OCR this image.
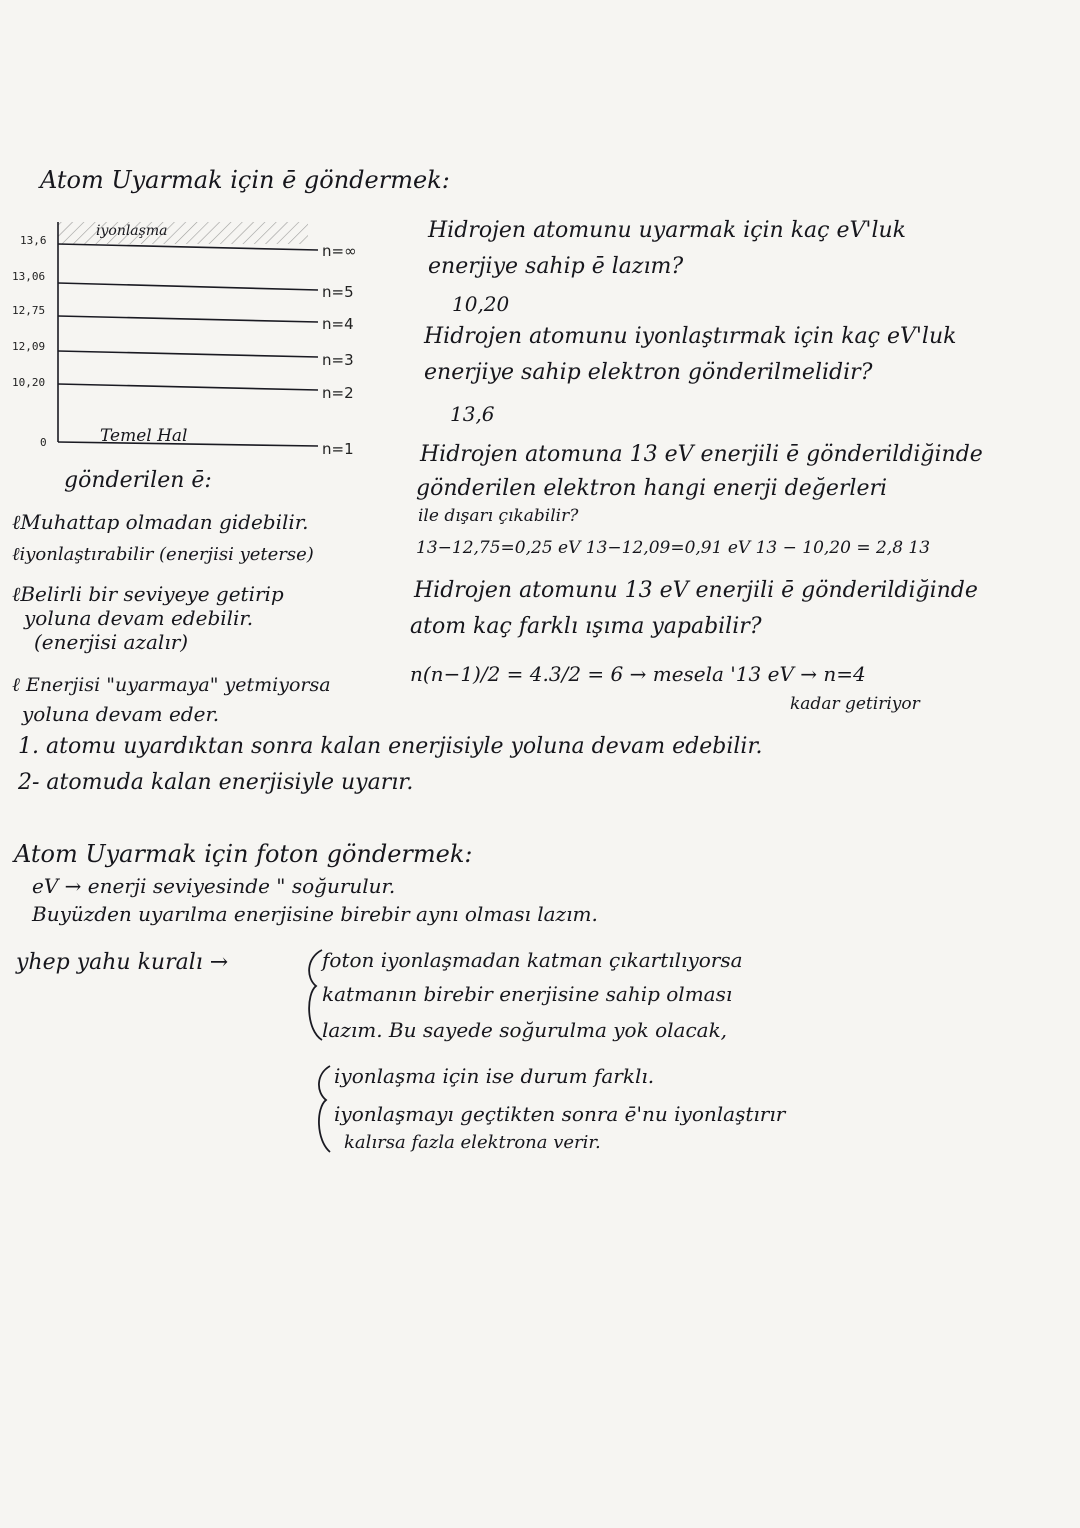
Atom Uyarmak için ē göndermek:
iyonlaşma
Temel Hal
13,6
13,06
12,75
12,09
10,20
0
n=∞
n=5
n=4
n=3
n=2
n=1
gönderilen ē:
ℓMuhattap olmadan gidebilir.
ℓiyonlaştırabilir (enerjisi yeterse)
ℓBelirli bir seviyeye getirip
yoluna devam edebilir.
(enerjisi azalır)
ℓ Enerjisi "uyarmaya" yetmiyorsa
yoluna devam eder.
1. atomu uyardıktan sonra kalan enerjisiyle yoluna devam edebilir.
2- atomuda kalan enerjisiyle uyarır.
Hidrojen atomunu uyarmak için kaç eV'luk
enerjiye sahip ē lazım?
10,20
Hidrojen atomunu iyonlaştırmak için kaç eV'luk
enerjiye sahip elektron gönderilmelidir?
13,6
Hidrojen atomuna 13 eV enerjili ē gönderildiğinde
gönderilen elektron hangi enerji değerleri
ile dışarı çıkabilir?
13−12,75=0,25 eV 13−12,09=0,91 eV 13 − 10,20 = 2,8 13
Hidrojen atomunu 13 eV enerjili ē gönderildiğinde
atom kaç farklı ışıma yapabilir?
n(n−1)/2 = 4.3/2 = 6 → mesela '13 eV → n=4
kadar getiriyor
Atom Uyarmak için foton göndermek:
eV → enerji seviyesinde " soğurulur.
Buyüzden uyarılma enerjisine birebir aynı olması lazım.
yhep yahu kuralı →	foton iyonlaşmadan katman çıkartılıyorsa
katmanın birebir enerjisine sahip olması
lazım. Bu sayede soğurulma yok olacak,
iyonlaşma için ise durum farklı.
iyonlaşmayı geçtikten sonra ē'nu iyonlaştırır
kalırsa fazla elektrona verir.
